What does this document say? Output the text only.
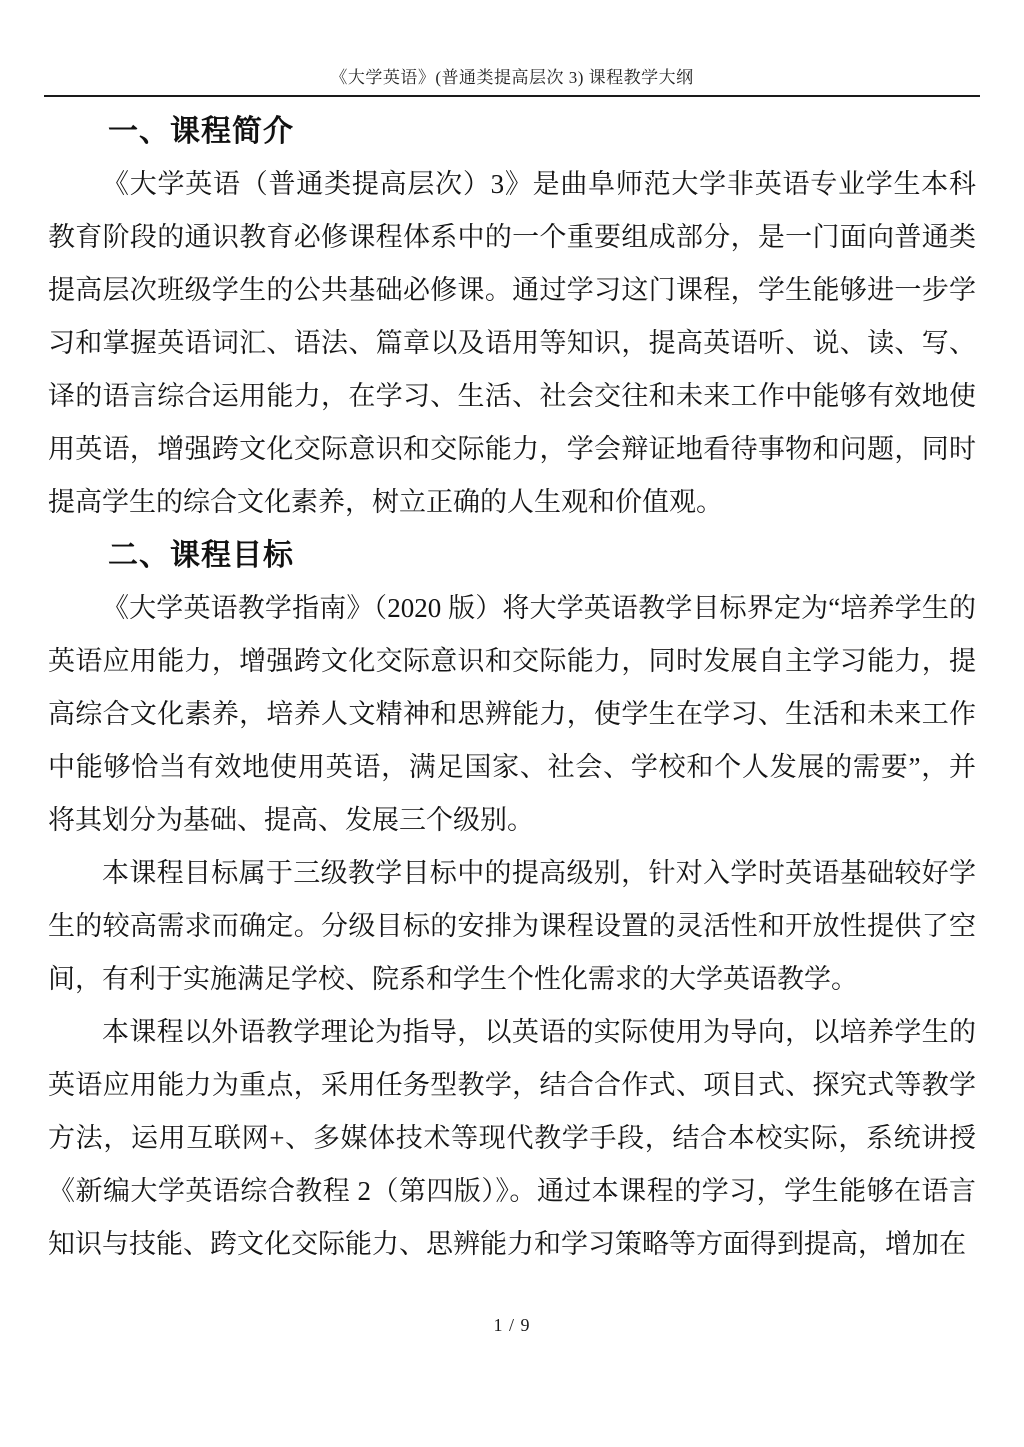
《大学英语》(普通类提高层次 3) 课程教学大纲
一、课程简介

《大学英语（普通类提高层次）3》是曲阜师范大学非英语专业学生本科教育阶段的通识教育必修课程体系中的一个重要组成部分，是一门面向普通类提高层次班级学生的公共基础必修课。通过学习这门课程，学生能够进一步学习和掌握英语词汇、语法、篇章以及语用等知识，提高英语听、说、读、写、译的语言综合运用能力，在学习、生活、社会交往和未来工作中能够有效地使用英语，增强跨文化交际意识和交际能力，学会辩证地看待事物和问题，同时提高学生的综合文化素养，树立正确的人生观和价值观。

二、课程目标

《大学英语教学指南》（2020 版）将大学英语教学目标界定为“培养学生的英语应用能力，增强跨文化交际意识和交际能力，同时发展自主学习能力，提高综合文化素养，培养人文精神和思辨能力，使学生在学习、生活和未来工作中能够恰当有效地使用英语，满足国家、社会、学校和个人发展的需要”，并将其划分为基础、提高、发展三个级别。

本课程目标属于三级教学目标中的提高级别，针对入学时英语基础较好学生的较高需求而确定。分级目标的安排为课程设置的灵活性和开放性提供了空间，有利于实施满足学校、院系和学生个性化需求的大学英语教学。

本课程以外语教学理论为指导，以英语的实际使用为导向，以培养学生的英语应用能力为重点，采用任务型教学，结合合作式、项目式、探究式等教学方法，运用互联网+、多媒体技术等现代教学手段，结合本校实际，系统讲授《新编大学英语综合教程 2（第四版）》。通过本课程的学习，学生能够在语言知识与技能、跨文化交际能力、思辨能力和学习策略等方面得到提高，增加在

1 / 9
